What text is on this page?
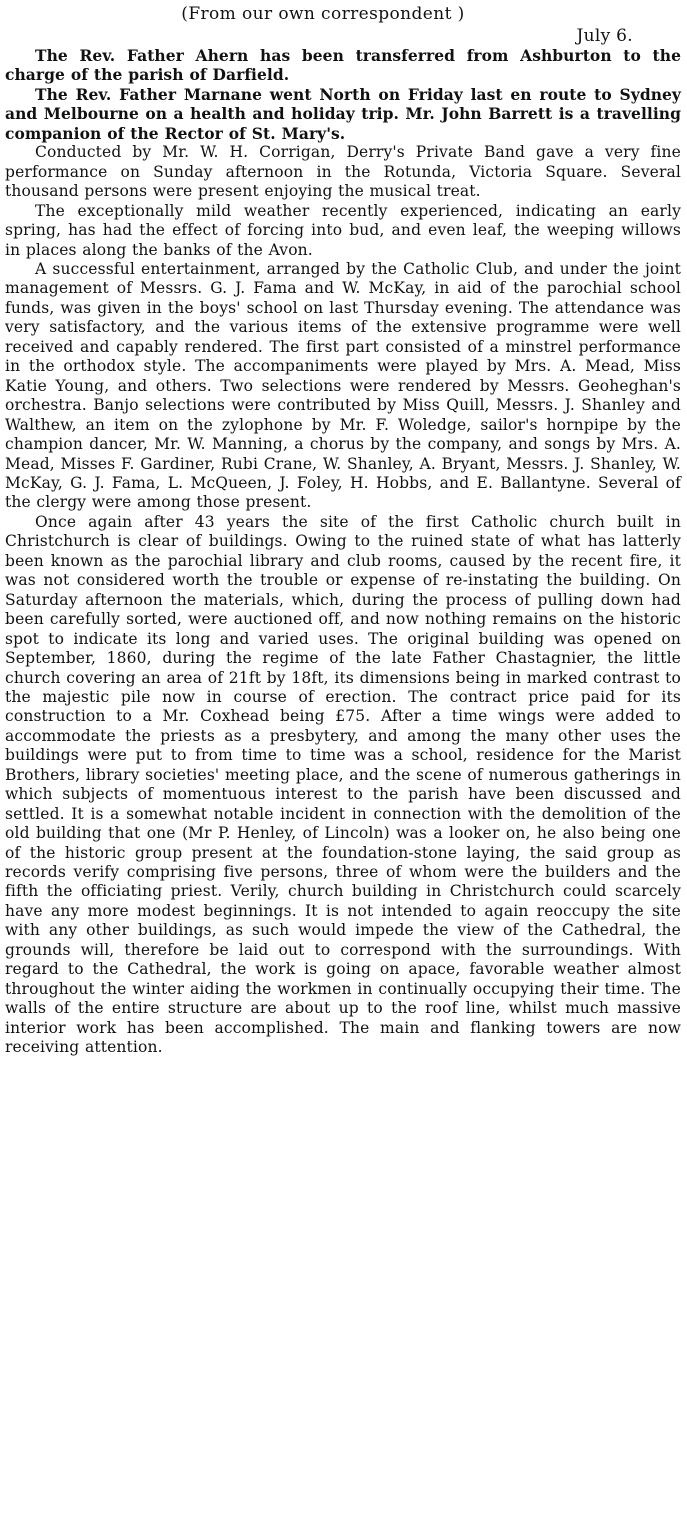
(From our own correspondent )
July 6.

The Rev. Father Ahern has been transferred from Ashburton to the charge of the parish of Darfield.

The Rev. Father Marnane went North on Friday last en route to Sydney and Melbourne on a health and holiday trip. Mr. John Barrett is a travelling companion of the Rector of St. Mary's.

Conducted by Mr. W. H. Corrigan, Derry's Private Band gave a very fine performance on Sunday afternoon in the Rotunda, Victoria Square. Several thousand persons were present enjoying the musical treat.

The exceptionally mild weather recently experienced, indicating an early spring, has had the effect of forcing into bud, and even leaf, the weeping willows in places along the banks of the Avon.

A successful entertainment, arranged by the Catholic Club, and under the joint management of Messrs. G. J. Fama and W. McKay, in aid of the parochial school funds, was given in the boys' school on last Thursday evening. The attendance was very satisfactory, and the various items of the extensive programme were well received and capably rendered. The first part consisted of a minstrel performance in the orthodox style. The accompaniments were played by Mrs. A. Mead, Miss Katie Young, and others. Two selections were rendered by Messrs. Geoheghan's orchestra. Banjo selections were contributed by Miss Quill, Messrs. J. Shanley and Walthew, an item on the zylophone by Mr. F. Woledge, sailor's hornpipe by the champion dancer, Mr. W. Manning, a chorus by the company, and songs by Mrs. A. Mead, Misses F. Gardiner, Rubi Crane, W. Shanley, A. Bryant, Messrs. J. Shanley, W. McKay, G. J. Fama, L. McQueen, J. Foley, H. Hobbs, and E. Ballantyne. Several of the clergy were among those present.

Once again after 43 years the site of the first Catholic church built in Christchurch is clear of buildings. Owing to the ruined state of what has latterly been known as the parochial library and club rooms, caused by the recent fire, it was not considered worth the trouble or expense of re-instating the building. On Saturday afternoon the materials, which, during the process of pulling down had been carefully sorted, were auctioned off, and now nothing remains on the historic spot to indicate its long and varied uses. The original building was opened on September, 1860, during the regime of the late Father Chastagnier, the little church covering an area of 21ft by 18ft, its dimensions being in marked contrast to the majestic pile now in course of erection. The contract price paid for its construction to a Mr. Coxhead being £75. After a time wings were added to accommodate the priests as a presbytery, and among the many other uses the buildings were put to from time to time was a school, residence for the Marist Brothers, library societies' meeting place, and the scene of numerous gatherings in which subjects of momentuous interest to the parish have been discussed and settled. It is a somewhat notable incident in connection with the demolition of the old building that one (Mr P. Henley, of Lincoln) was a looker on, he also being one of the historic group present at the foundation-stone laying, the said group as records verify comprising five persons, three of whom were the builders and the fifth the officiating priest. Verily, church building in Christchurch could scarcely have any more modest beginnings. It is not intended to again reoccupy the site with any other buildings, as such would impede the view of the Cathedral, the grounds will, therefore be laid out to correspond with the surroundings. With regard to the Cathedral, the work is going on apace, favorable weather almost throughout the winter aiding the workmen in continually occupying their time. The walls of the entire structure are about up to the roof line, whilst much massive interior work has been accomplished. The main and flanking towers are now receiving attention.
